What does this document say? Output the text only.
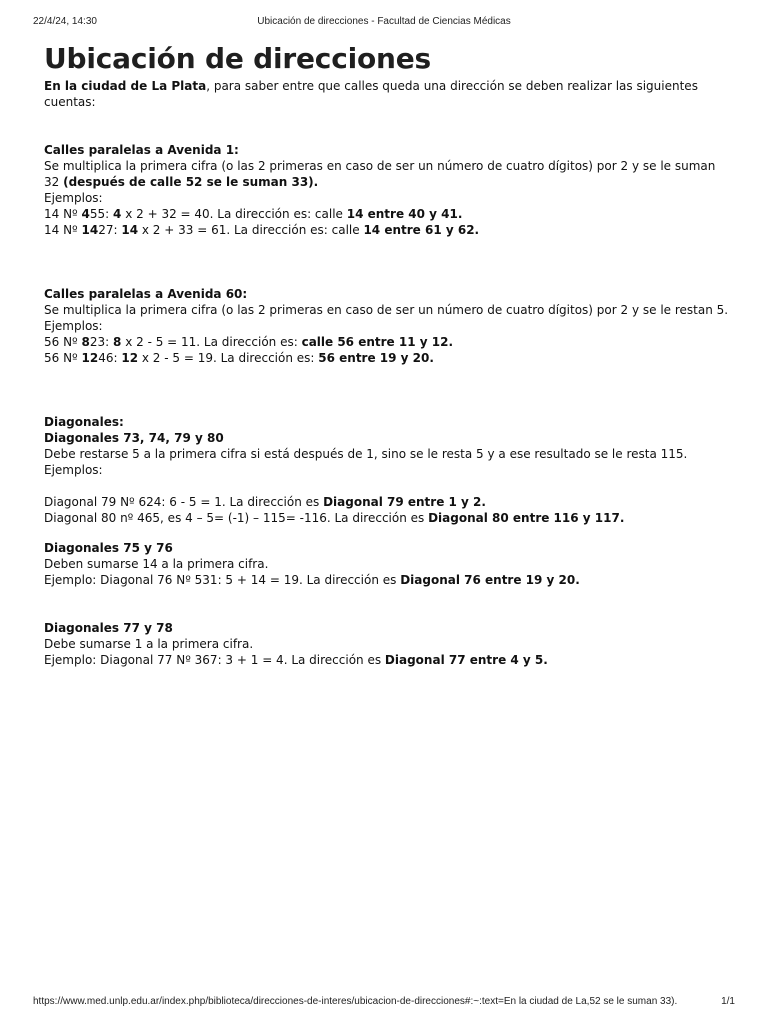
22/4/24, 14:30	Ubicación de direcciones - Facultad de Ciencias Médicas
Ubicación de direcciones

En la ciudad de La Plata, para saber entre que calles queda una dirección se deben realizar las siguientes cuentas:

Calles paralelas a Avenida 1:

Se multiplica la primera cifra (o las 2 primeras en caso de ser un número de cuatro dígitos) por 2 y se le suman 32 (después de calle 52 se le suman 33).

Ejemplos:

14 Nº 455: 4 x 2 + 32 = 40. La dirección es: calle 14 entre 40 y 41.

14 Nº 1427: 14 x 2 + 33 = 61. La dirección es: calle 14 entre 61 y 62.

Calles paralelas a Avenida 60:

Se multiplica la primera cifra (o las 2 primeras en caso de ser un número de cuatro dígitos) por 2 y se le restan 5.

Ejemplos:

56 Nº 823: 8 x 2 - 5 = 11. La dirección es: calle 56 entre 11 y 12.

56 Nº 1246: 12 x 2 - 5 = 19. La dirección es: 56 entre 19 y 20.

Diagonales:

Diagonales 73, 74, 79 y 80

Debe restarse 5 a la primera cifra si está después de 1, sino se le resta 5 y a ese resultado se le resta 115.

Ejemplos:

Diagonal 79 Nº 624: 6 - 5 = 1. La dirección es Diagonal 79 entre 1 y 2.

Diagonal 80 nº 465, es 4 – 5= (-1) – 115= -116. La dirección es Diagonal 80 entre 116 y 117.

Diagonales 75 y 76

Deben sumarse 14 a la primera cifra.

Ejemplo: Diagonal 76 Nº 531: 5 + 14 = 19. La dirección es Diagonal 76 entre 19 y 20.

Diagonales 77 y 78

Debe sumarse 1 a la primera cifra.

Ejemplo: Diagonal 77 Nº 367: 3 + 1 = 4. La dirección es Diagonal 77 entre 4 y 5.

https://www.med.unlp.edu.ar/index.php/biblioteca/direcciones-de-interes/ubicacion-de-direcciones#:~:text=En la ciudad de La,52 se le suman 33).	1/1
